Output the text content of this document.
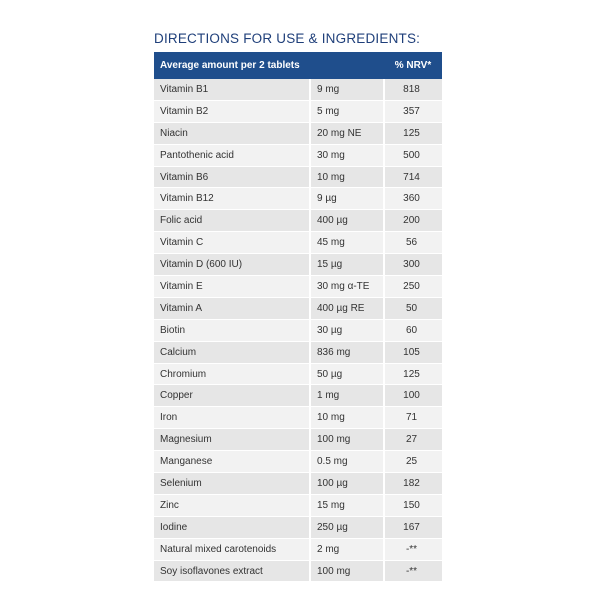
DIRECTIONS FOR USE & INGREDIENTS:
Average amount per 2 tablets		% NRV*
Vitamin B1	9 mg	818
Vitamin B2	5 mg	357
Niacin	20 mg NE	125
Pantothenic acid	30 mg	500
Vitamin B6	10 mg	714
Vitamin B12	9 µg	360
Folic acid	400 µg	200
Vitamin C	45 mg	56
Vitamin D (600 IU)	15 µg	300
Vitamin E	30 mg α-TE	250
Vitamin A	400 µg RE	50
Biotin	30 µg	60
Calcium	836 mg	105
Chromium	50 µg	125
Copper	1 mg	100
Iron	10 mg	71
Magnesium	100 mg	27
Manganese	0.5 mg	25
Selenium	100 µg	182
Zinc	15 mg	150
Iodine	250 µg	167
Natural mixed carotenoids	2 mg	-**
Soy isoflavones extract	100 mg	-**
